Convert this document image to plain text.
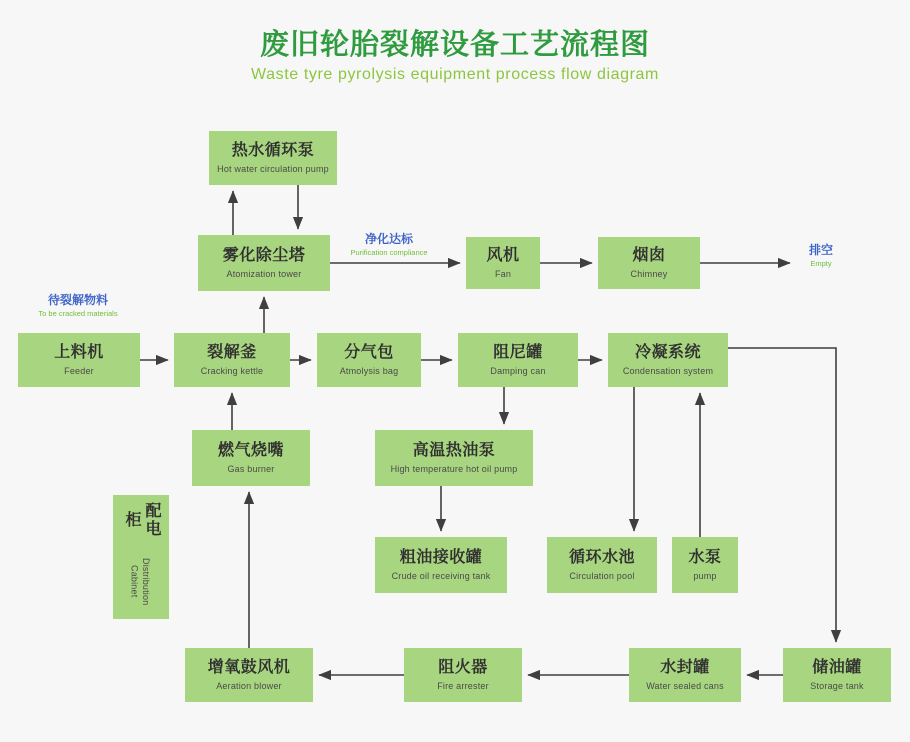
废旧轮胎裂解设备工艺流程图
Waste tyre pyrolysis equipment process flow diagram
热水循环泵
Hot water circulation pump
雾化除尘塔
Atomization tower
风机
Fan
烟囱
Chimney
上料机
Feeder
裂解釜
Cracking kettle
分气包
Atmolysis bag
阻尼罐
Damping can
冷凝系统
Condensation system
燃气烧嘴
Gas burner
高温热油泵
High temperature hot oil pump
配电柜
Distribution Cabinet
粗油接收罐
Crude oil receiving tank
循环水池
Circulation pool
水泵
pump
增氧鼓风机
Aeration blower
阻火器
Fire arrester
水封罐
Water sealed cans
储油罐
Storage tank
待裂解物料
To be cracked materials
净化达标
Purification compliance	排空
Empty
